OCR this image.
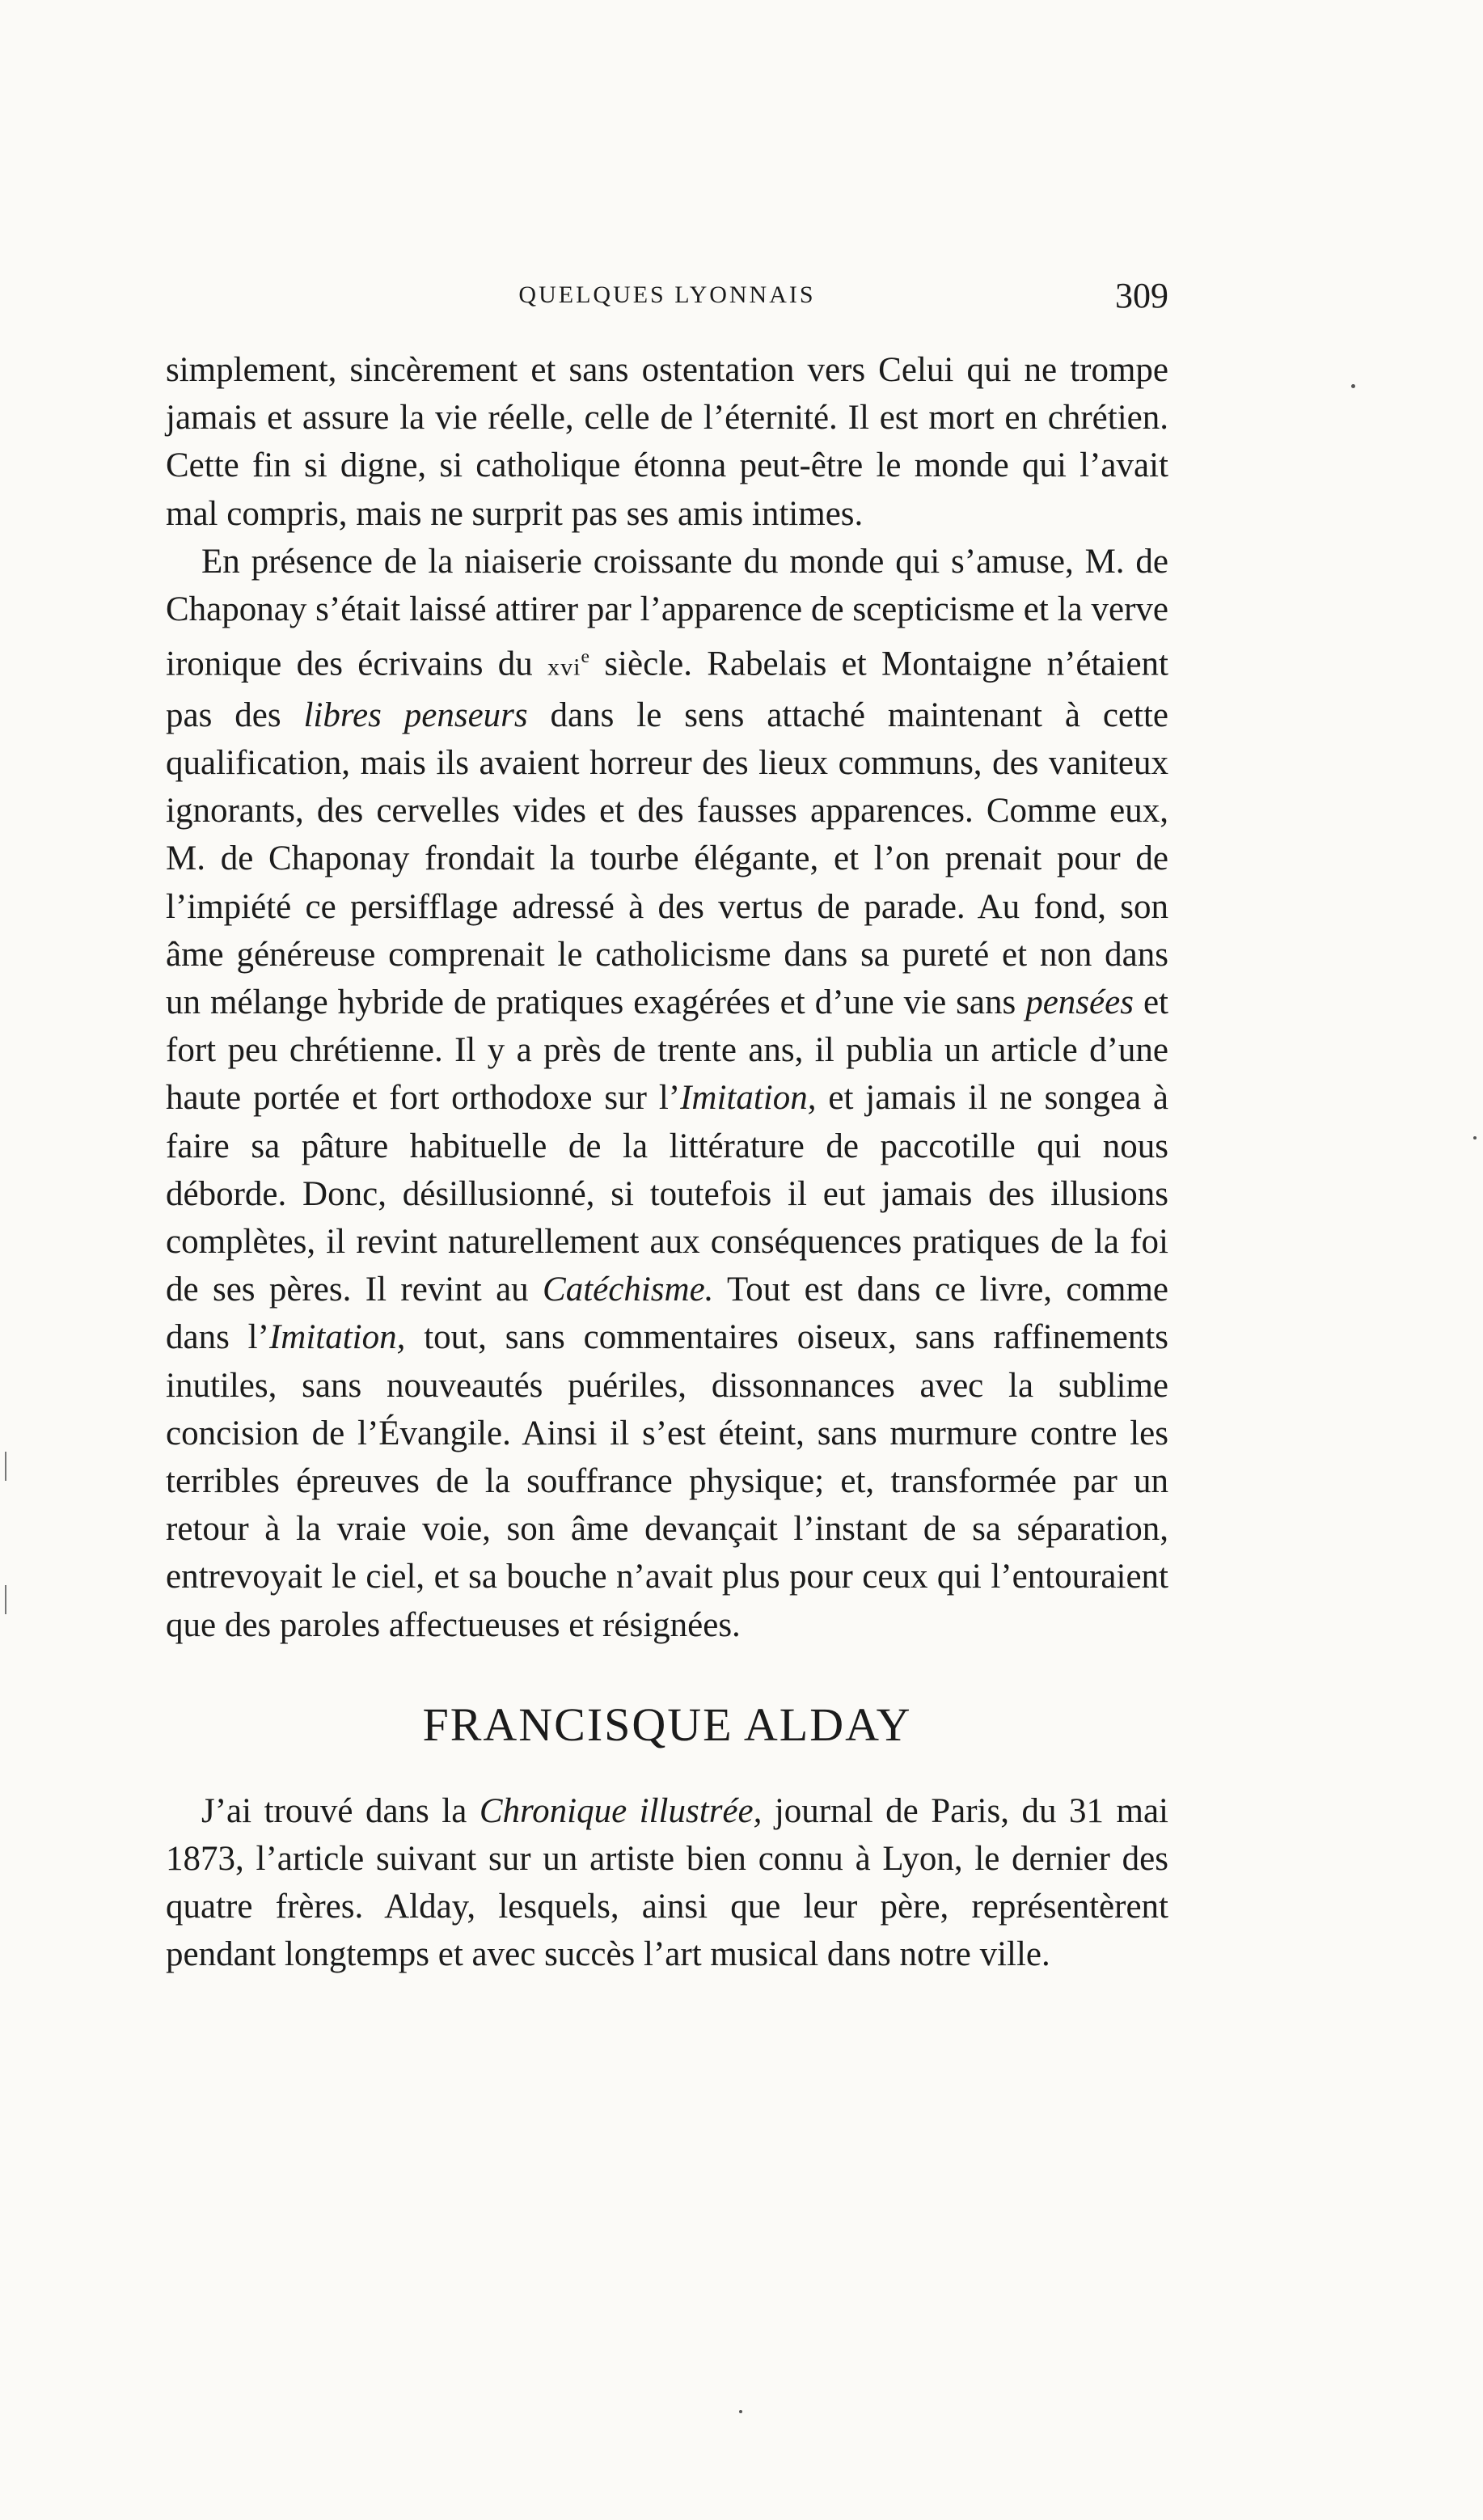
QUELQUES LYONNAIS	309

simplement, sincèrement et sans ostentation vers Celui qui ne trompe jamais et assure la vie réelle, celle de l’éternité. Il est mort en chrétien. Cette fin si digne, si catholique étonna peut-être le monde qui l’avait mal compris, mais ne surprit pas ses amis intimes.

En présence de la niaiserie croissante du monde qui s’amuse, M. de Chaponay s’était laissé attirer par l’apparence de scepticisme et la verve ironique des écrivains du xvi$^e$ siècle. Rabelais et Montaigne n’étaient pas des libres penseurs dans le sens attaché maintenant à cette qualification, mais ils avaient horreur des lieux communs, des vaniteux ignorants, des cervelles vides et des fausses apparences. Comme eux, M. de Chaponay frondait la tourbe élégante, et l’on prenait pour de l’impiété ce persifflage adressé à des vertus de parade. Au fond, son âme généreuse comprenait le catholicisme dans sa pureté et non dans un mélange hybride de pratiques exagérées et d’une vie sans pensées et fort peu chrétienne. Il y a près de trente ans, il publia un article d’une haute portée et fort orthodoxe sur l’Imitation, et jamais il ne songea à faire sa pâture habituelle de la littérature de paccotille qui nous déborde. Donc, désillusionné, si toutefois il eut jamais des illusions complètes, il revint naturellement aux conséquences pratiques de la foi de ses pères. Il revint au Catéchisme. Tout est dans ce livre, comme dans l’Imitation, tout, sans commentaires oiseux, sans raffinements inutiles, sans nouveautés puériles, dissonnances avec la sublime concision de l’Évangile. Ainsi il s’est éteint, sans murmure contre les terribles épreuves de la souffrance physique; et, transformée par un retour à la vraie voie, son âme devançait l’instant de sa séparation, entrevoyait le ciel, et sa bouche n’avait plus pour ceux qui l’entouraient que des paroles affectueuses et résignées.

FRANCISQUE ALDAY

J’ai trouvé dans la Chronique illustrée, journal de Paris, du 31 mai 1873, l’article suivant sur un artiste bien connu à Lyon, le dernier des quatre frères. Alday, lesquels, ainsi que leur père, représentèrent pendant longtemps et avec succès l’art musical dans notre ville.
